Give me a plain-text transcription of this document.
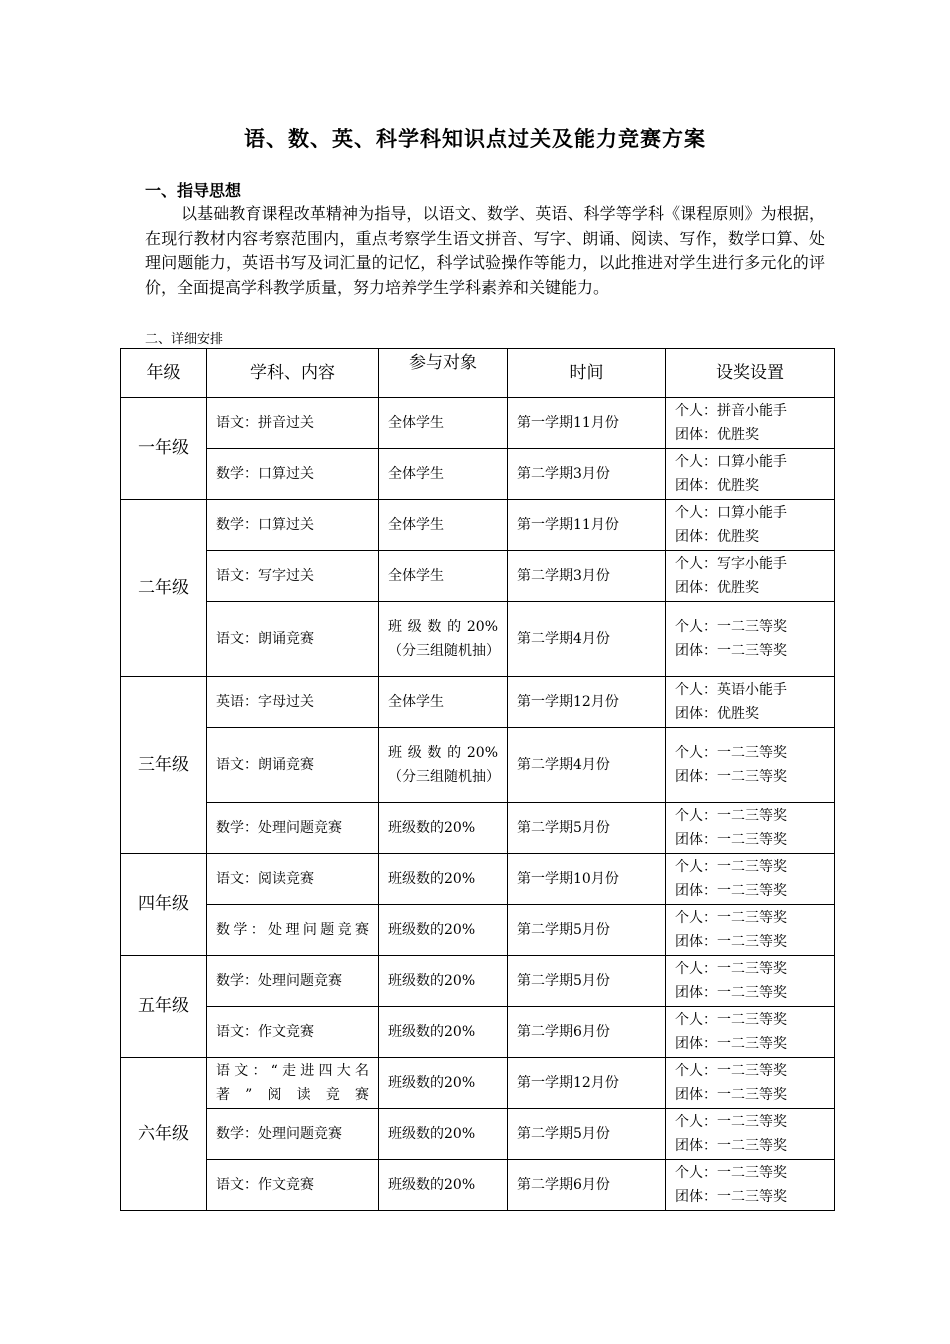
语、数、英、科学科知识点过关及能力竞赛方案
一、指导思想
以基础教育课程改革精神为指导，以语文、数学、英语、科学等学科《课程原则》为根据，在现行教材内容考察范围内，重点考察学生语文拼音、写字、朗诵、阅读、写作，数学口算、处理问题能力，英语书写及词汇量的记忆，科学试验操作等能力，以此推进对学生进行多元化的评价，全面提高学科教学质量，努力培养学生学科素养和关键能力。
二、详细安排
年级	学科、内容	参与对象	时间	设奖设置
一年级	语文：拼音过关	全体学生	第一学期11月份	个人：拼音小能手
团体：优胜奖

	数学：口算过关	全体学生	第二学期3月份	个人：口算小能手
团体：优胜奖

二年级	数学：口算过关	全体学生	第一学期11月份	个人：口算小能手
团体：优胜奖

	语文：写字过关	全体学生	第二学期3月份	个人：写字小能手
团体：优胜奖

	语文：朗诵竞赛	班级数的20%（分三组随机抽）	第二学期4月份	个人：一二三等奖
团体：一二三等奖

三年级	英语：字母过关	全体学生	第一学期12月份	个人：英语小能手
团体：优胜奖

	语文：朗诵竞赛	班级数的20%（分三组随机抽）	第二学期4月份	个人：一二三等奖
团体：一二三等奖

	数学：处理问题竞赛	班级数的20%	第二学期5月份	个人：一二三等奖
团体：一二三等奖

四年级	语文：阅读竞赛	班级数的20%	第一学期10月份	个人：一二三等奖
团体：一二三等奖

	数学：处理问题竞赛	班级数的20%	第二学期5月份	个人：一二三等奖
团体：一二三等奖

五年级	数学：处理问题竞赛	班级数的20%	第二学期5月份	个人：一二三等奖
团体：一二三等奖

	语文：作文竞赛	班级数的20%	第二学期6月份	个人：一二三等奖
团体：一二三等奖

六年级	语文：“走进四大名著”阅读竞赛	班级数的20%	第一学期12月份	个人：一二三等奖
团体：一二三等奖

	数学：处理问题竞赛	班级数的20%	第二学期5月份	个人：一二三等奖
团体：一二三等奖

	语文：作文竞赛	班级数的20%	第二学期6月份	个人：一二三等奖
团体：一二三等奖
